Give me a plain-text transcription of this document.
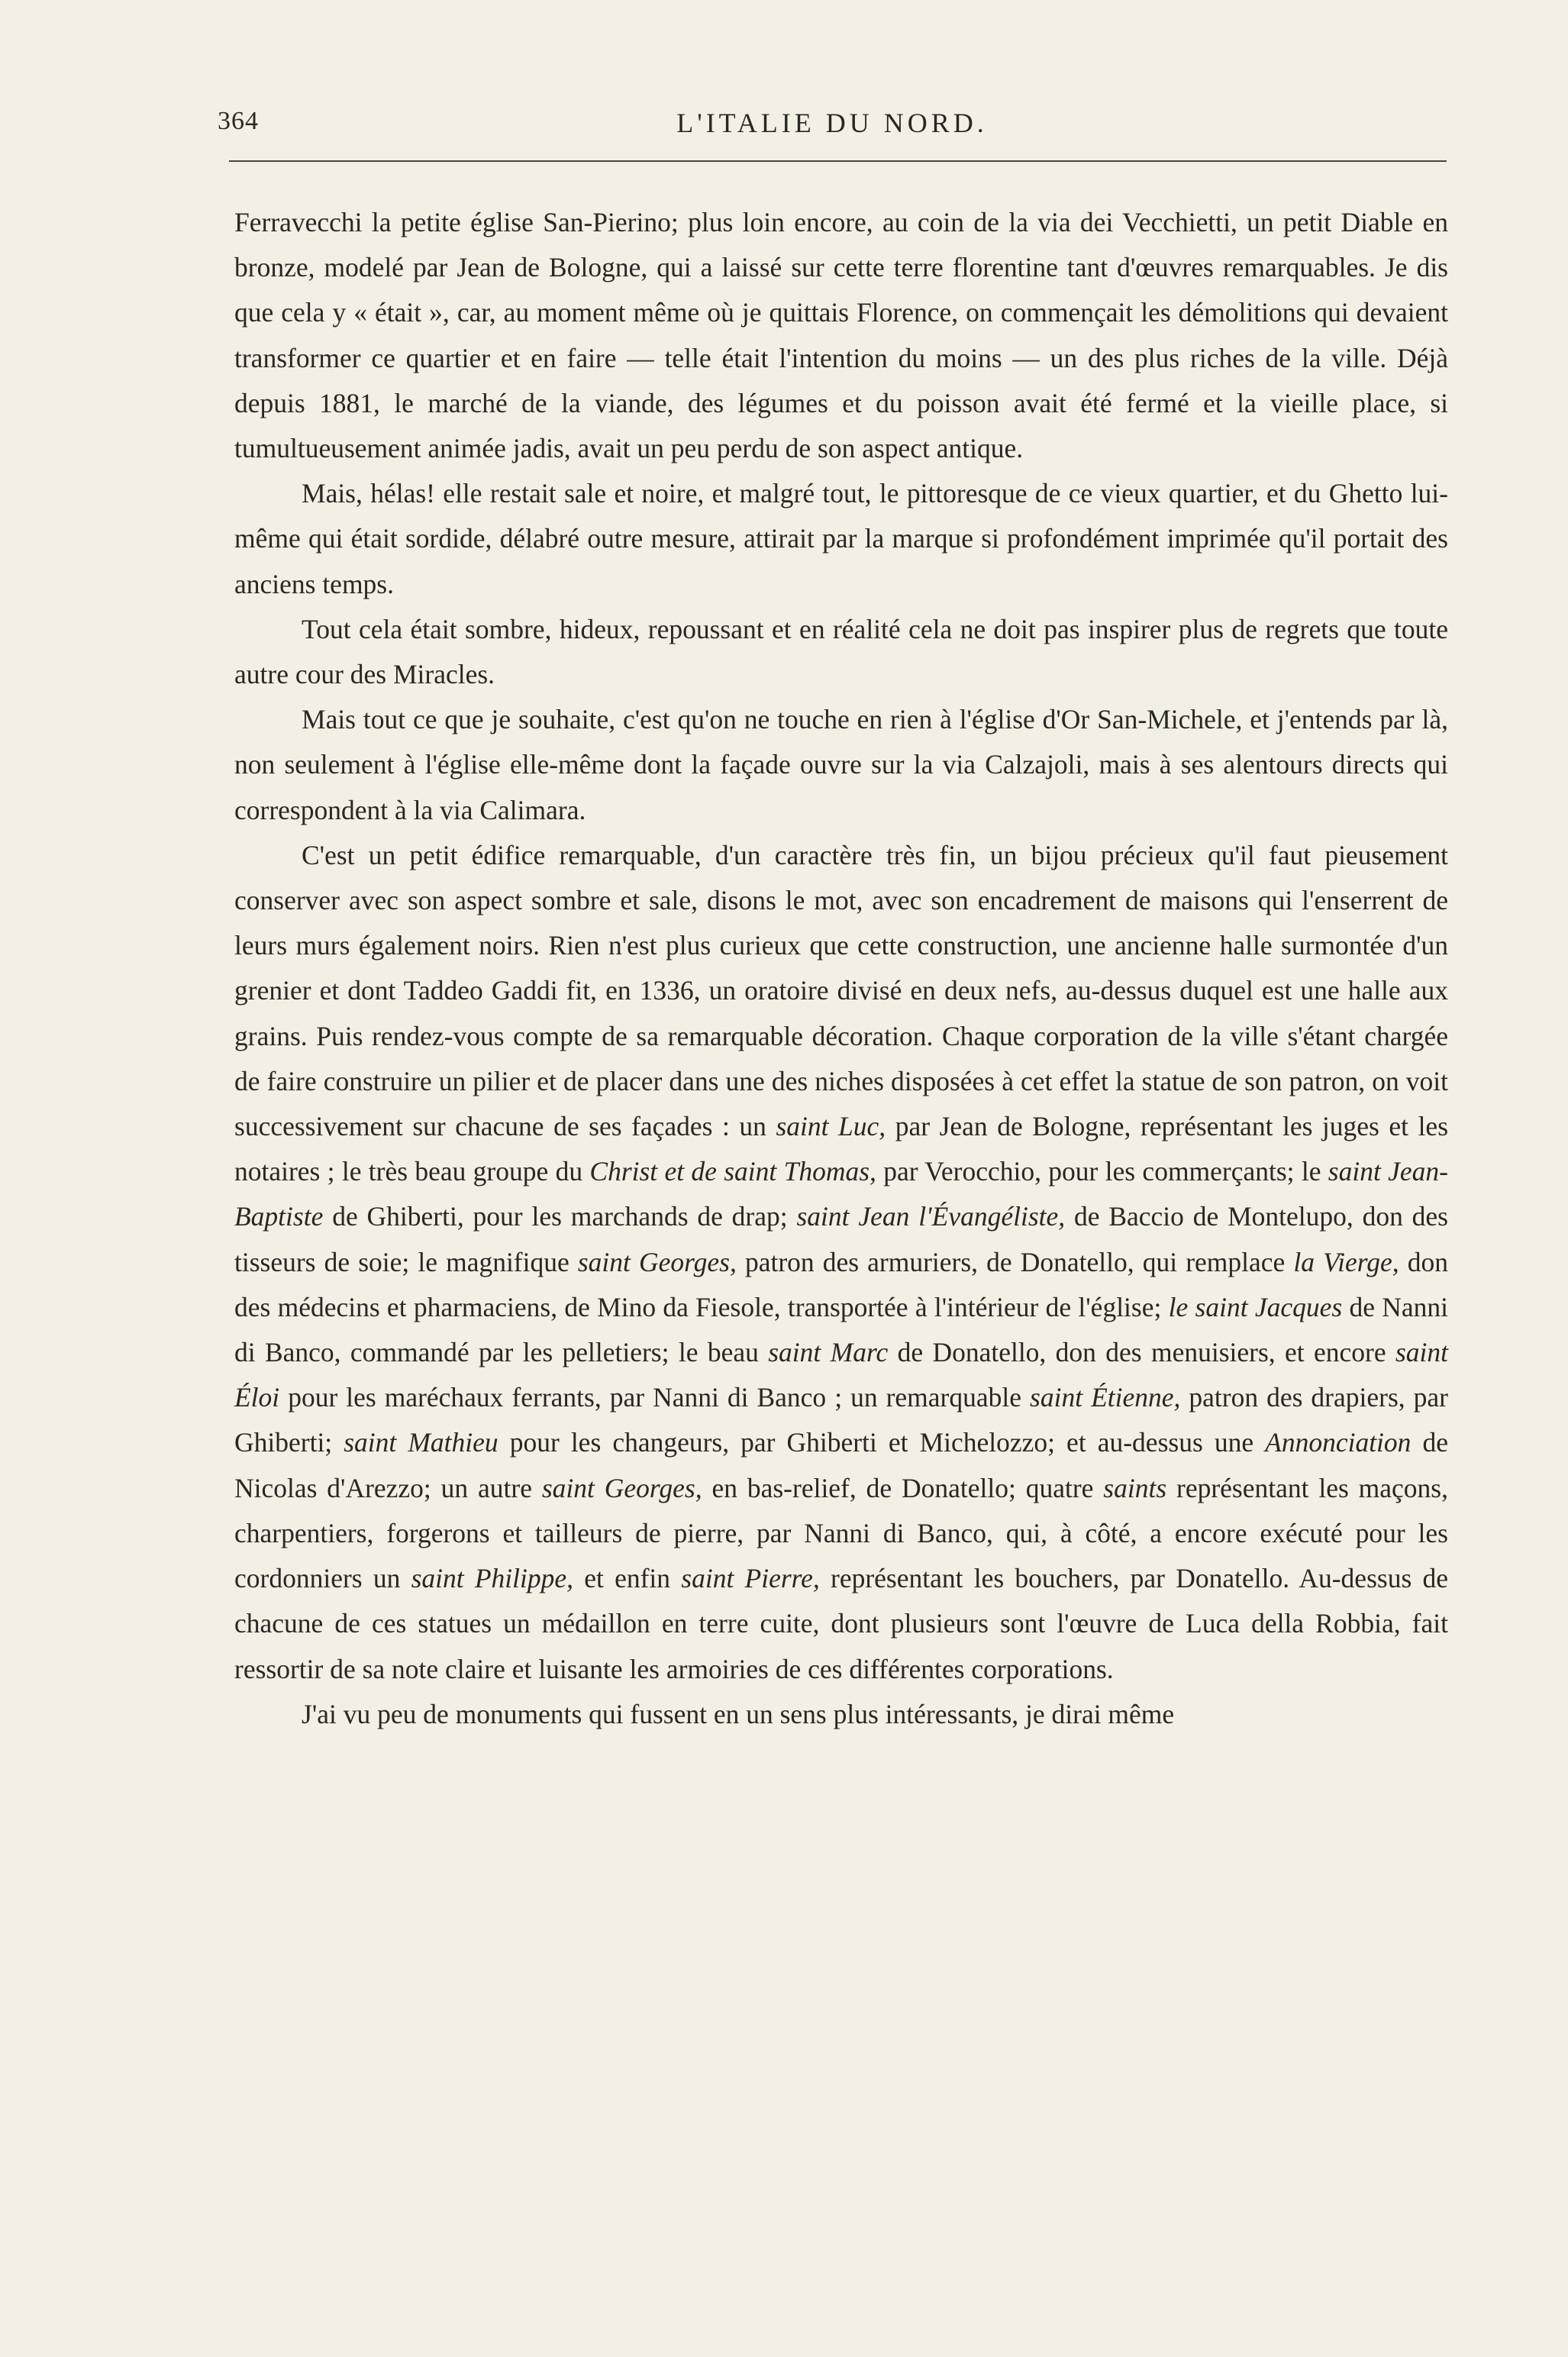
364	L'ITALIE DU NORD.

Ferravecchi la petite église San-Pierino; plus loin encore, au coin de la via dei Vecchietti, un petit Diable en bronze, modelé par Jean de Bologne, qui a laissé sur cette terre florentine tant d'œuvres remarquables. Je dis que cela y « était », car, au moment même où je quittais Florence, on commençait les démolitions qui devaient transformer ce quartier et en faire — telle était l'intention du moins — un des plus riches de la ville. Déjà depuis 1881, le marché de la viande, des légumes et du poisson avait été fermé et la vieille place, si tumultueusement animée jadis, avait un peu perdu de son aspect antique.

Mais, hélas! elle restait sale et noire, et malgré tout, le pittoresque de ce vieux quartier, et du Ghetto lui-même qui était sordide, délabré outre mesure, attirait par la marque si profondément imprimée qu'il portait des anciens temps.

Tout cela était sombre, hideux, repoussant et en réalité cela ne doit pas inspirer plus de regrets que toute autre cour des Miracles.

Mais tout ce que je souhaite, c'est qu'on ne touche en rien à l'église d'Or San-Michele, et j'entends par là, non seulement à l'église elle-même dont la façade ouvre sur la via Calzajoli, mais à ses alentours directs qui correspondent à la via Calimara.

C'est un petit édifice remarquable, d'un caractère très fin, un bijou précieux qu'il faut pieusement conserver avec son aspect sombre et sale, disons le mot, avec son encadrement de maisons qui l'enserrent de leurs murs également noirs. Rien n'est plus curieux que cette construction, une ancienne halle surmontée d'un grenier et dont Taddeo Gaddi fit, en 1336, un oratoire divisé en deux nefs, au-dessus duquel est une halle aux grains. Puis rendez-vous compte de sa remarquable décoration. Chaque corporation de la ville s'étant chargée de faire construire un pilier et de placer dans une des niches disposées à cet effet la statue de son patron, on voit successivement sur chacune de ses façades : un saint Luc, par Jean de Bologne, représentant les juges et les notaires ; le très beau groupe du Christ et de saint Thomas, par Verocchio, pour les commerçants; le saint Jean-Baptiste de Ghiberti, pour les marchands de drap; saint Jean l'Évangéliste, de Baccio de Montelupo, don des tisseurs de soie; le magnifique saint Georges, patron des armuriers, de Donatello, qui remplace la Vierge, don des médecins et pharmaciens, de Mino da Fiesole, transportée à l'intérieur de l'église; le saint Jacques de Nanni di Banco, commandé par les pelletiers; le beau saint Marc de Donatello, don des menuisiers, et encore saint Éloi pour les maréchaux ferrants, par Nanni di Banco ; un remarquable saint Étienne, patron des drapiers, par Ghiberti; saint Mathieu pour les changeurs, par Ghiberti et Michelozzo; et au-dessus une Annonciation de Nicolas d'Arezzo; un autre saint Georges, en bas-relief, de Donatello; quatre saints représentant les maçons, charpentiers, forgerons et tailleurs de pierre, par Nanni di Banco, qui, à côté, a encore exécuté pour les cordonniers un saint Philippe, et enfin saint Pierre, représentant les bouchers, par Donatello. Au-dessus de chacune de ces statues un médaillon en terre cuite, dont plusieurs sont l'œuvre de Luca della Robbia, fait ressortir de sa note claire et luisante les armoiries de ces différentes corporations.

J'ai vu peu de monuments qui fussent en un sens plus intéressants, je dirai même
